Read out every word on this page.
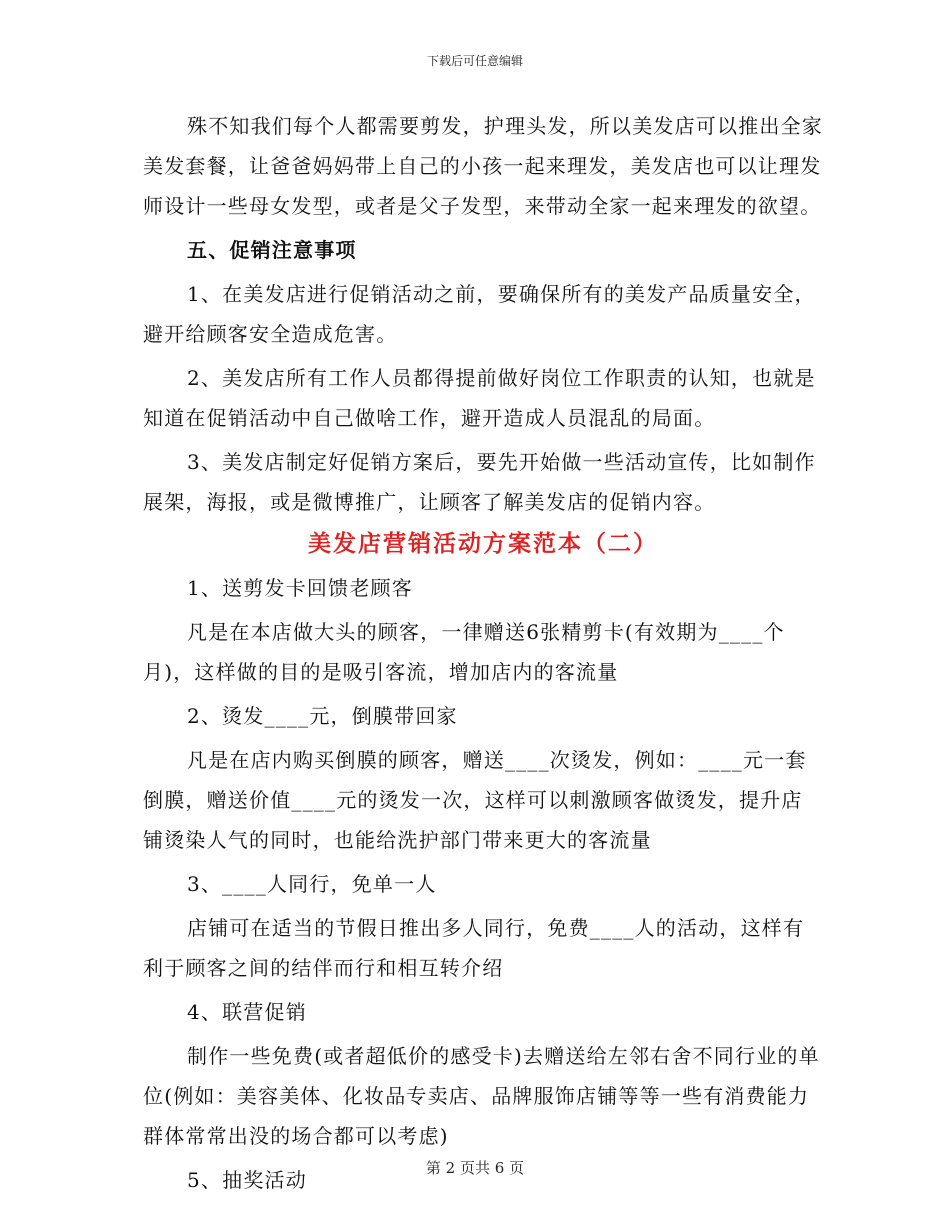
下载后可任意编辑

殊不知我们每个人都需要剪发，护理头发，所以美发店可以推出全家美发套餐，让爸爸妈妈带上自己的小孩一起来理发，美发店也可以让理发师设计一些母女发型，或者是父子发型，来带动全家一起来理发的欲望。

五、促销注意事项

1、在美发店进行促销活动之前，要确保所有的美发产品质量安全，避开给顾客安全造成危害。

2、美发店所有工作人员都得提前做好岗位工作职责的认知，也就是知道在促销活动中自己做啥工作，避开造成人员混乱的局面。

3、美发店制定好促销方案后，要先开始做一些活动宣传，比如制作展架，海报，或是微博推广，让顾客了解美发店的促销内容。

美发店营销活动方案范本（二）

1、送剪发卡回馈老顾客

凡是在本店做大头的顾客，一律赠送6张精剪卡(有效期为____个月)，这样做的目的是吸引客流，增加店内的客流量

2、烫发____元，倒膜带回家

凡是在店内购买倒膜的顾客，赠送____次烫发，例如：____元一套倒膜，赠送价值____元的烫发一次，这样可以刺激顾客做烫发，提升店铺烫染人气的同时，也能给洗护部门带来更大的客流量

3、____人同行，免单一人

店铺可在适当的节假日推出多人同行，免费____人的活动，这样有利于顾客之间的结伴而行和相互转介绍

4、联营促销

制作一些免费(或者超低价的感受卡)去赠送给左邻右舍不同行业的单位(例如：美容美体、化妆品专卖店、品牌服饰店铺等等一些有消费能力群体常常出没的场合都可以考虑)

5、抽奖活动	第 2 页共 6 页
